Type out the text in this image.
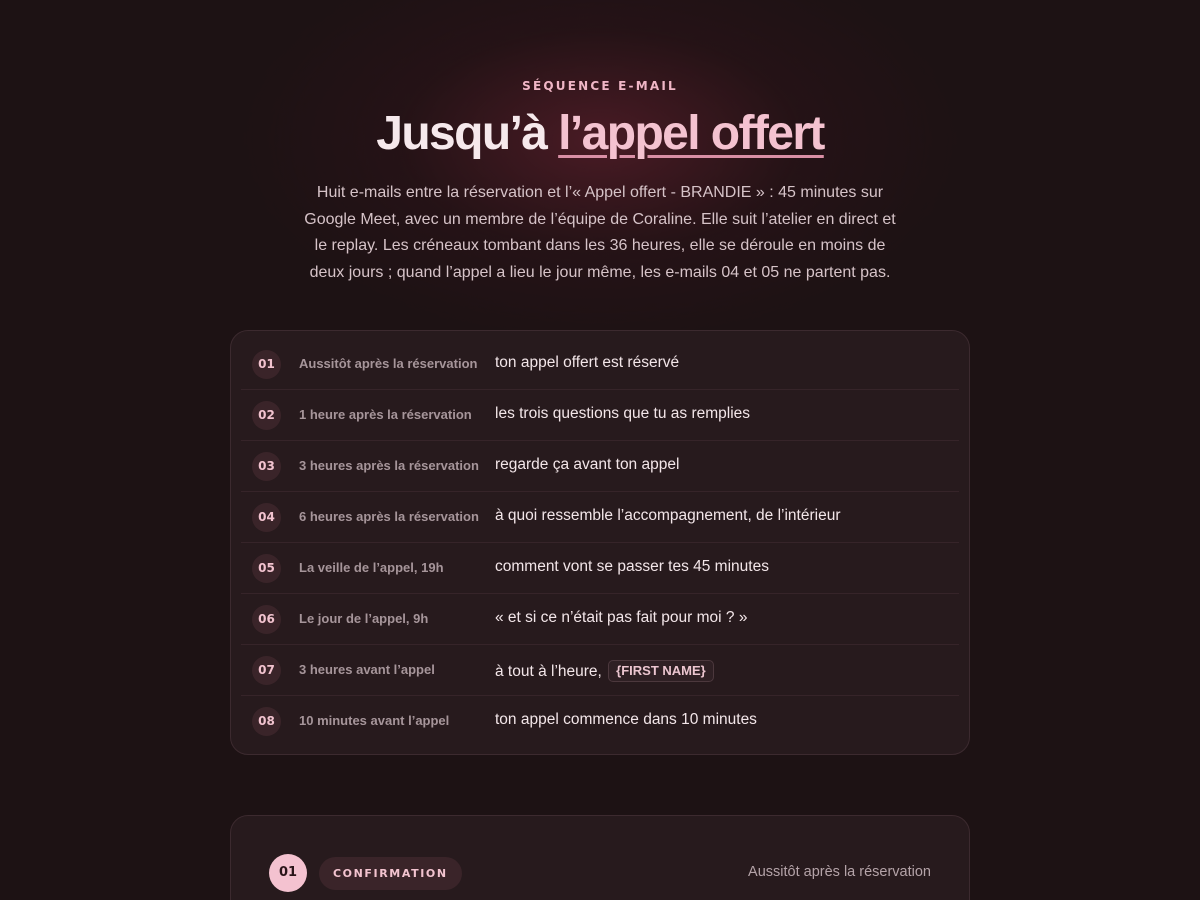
SÉQUENCE E-MAIL
Jusqu’à l’appel offert

Huit e-mails entre la réservation et l’« Appel offert - BRANDIE » : 45 minutes sur Google Meet, avec un membre de l’équipe de Coraline. Elle suit l’atelier en direct et le replay. Les créneaux tombant dans les 36 heures, elle se déroule en moins de deux jours ; quand l’appel a lieu le jour même, les e-mails 04 et 05 ne partent pas.

01	Aussitôt après la réservation	ton appel offert est réservé
02	1 heure après la réservation	les trois questions que tu as remplies
03	3 heures après la réservation	regarde ça avant ton appel
04	6 heures après la réservation	à quoi ressemble l’accompagnement, de l’intérieur
05	La veille de l’appel, 19h	comment vont se passer tes 45 minutes
06	Le jour de l’appel, 9h	« et si ce n’était pas fait pour moi ? »
07	3 heures avant l’appel	à tout à l’heure, {FIRST NAME}
08	10 minutes avant l’appel	ton appel commence dans 10 minutes
01	CONFIRMATION	Aussitôt après la réservation
